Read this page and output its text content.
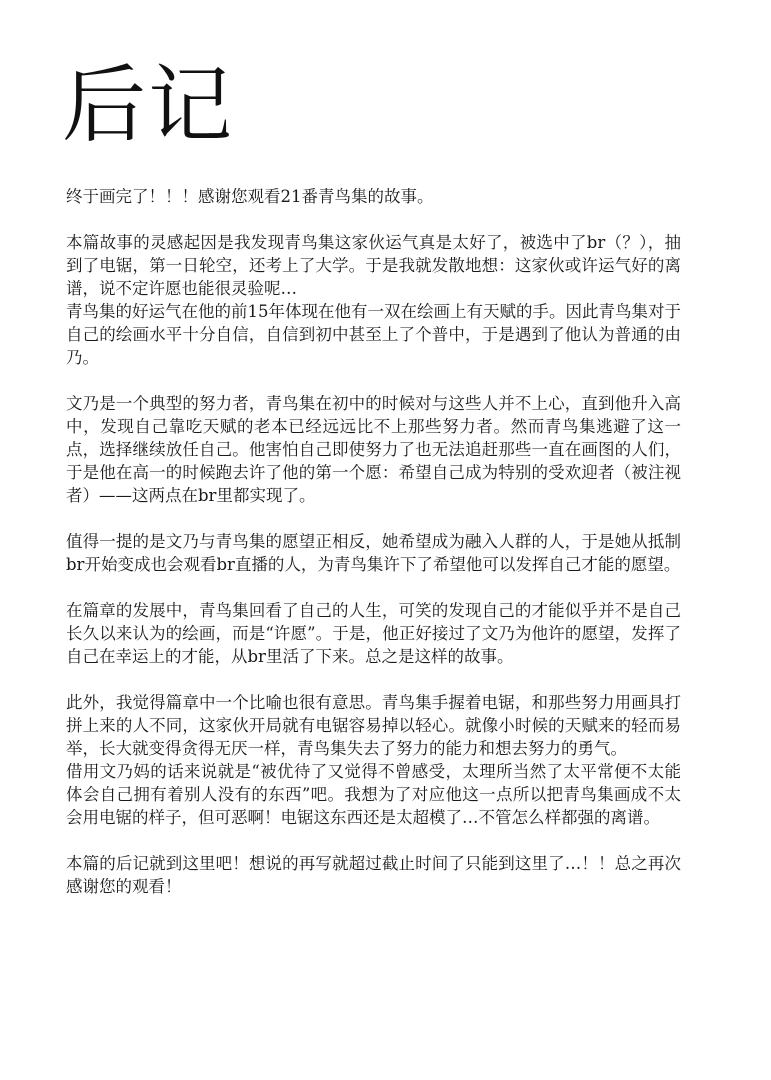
后记

终于画完了！！！感谢您观看21番青鸟集的故事。

本篇故事的灵感起因是我发现青鸟集这家伙运气真是太好了，被选中了br（？），抽到了电锯，第一日轮空，还考上了大学。于是我就发散地想：这家伙或许运气好的离谱，说不定许愿也能很灵验呢…

青鸟集的好运气在他的前15年体现在他有一双在绘画上有天赋的手。因此青鸟集对于自己的绘画水平十分自信，自信到初中甚至上了个普中，于是遇到了他认为普通的由乃。

文乃是一个典型的努力者，青鸟集在初中的时候对与这些人并不上心，直到他升入高中，发现自己靠吃天赋的老本已经远远比不上那些努力者。然而青鸟集逃避了这一点，选择继续放任自己。他害怕自己即使努力了也无法追赶那些一直在画图的人们，于是他在高一的时候跑去许了他的第一个愿：希望自己成为特别的受欢迎者（被注视者）——这两点在br里都实现了。

值得一提的是文乃与青鸟集的愿望正相反，她希望成为融入人群的人，于是她从抵制br开始变成也会观看br直播的人，为青鸟集许下了希望他可以发挥自己才能的愿望。

在篇章的发展中，青鸟集回看了自己的人生，可笑的发现自己的才能似乎并不是自己长久以来认为的绘画，而是“许愿”。于是，他正好接过了文乃为他许的愿望，发挥了自己在幸运上的才能，从br里活了下来。总之是这样的故事。

此外，我觉得篇章中一个比喻也很有意思。青鸟集手握着电锯，和那些努力用画具打拼上来的人不同，这家伙开局就有电锯容易掉以轻心。就像小时候的天赋来的轻而易举，长大就变得贪得无厌一样，青鸟集失去了努力的能力和想去努力的勇气。

借用文乃妈的话来说就是“被优待了又觉得不曾感受，太理所当然了太平常便不太能体会自己拥有着别人没有的东西”吧。我想为了对应他这一点所以把青鸟集画成不太会用电锯的样子，但可恶啊！电锯这东西还是太超模了…不管怎么样都强的离谱。

本篇的后记就到这里吧！想说的再写就超过截止时间了只能到这里了…！！总之再次感谢您的观看！
